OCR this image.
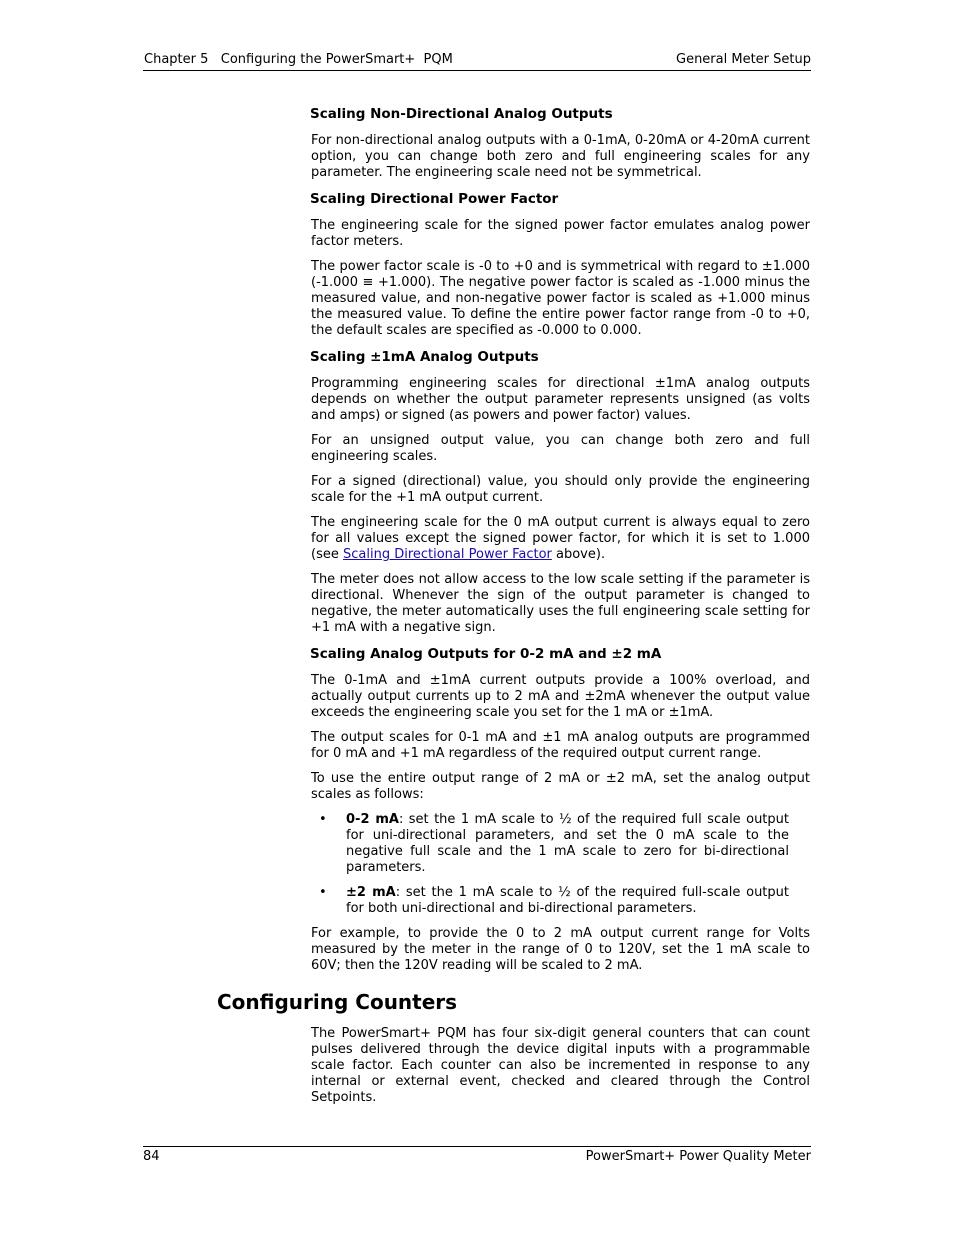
Chapter 5   Configuring the PowerSmart+  PQM	General Meter Setup
Scaling Non-Directional Analog Outputs

For non-directional analog outputs with a 0-1mA, 0-20mA or 4-20mA current option, you can change both zero and full engineering scales for any parameter. The engineering scale need not be symmetrical.

Scaling Directional Power Factor

The engineering scale for the signed power factor emulates analog power factor meters.

The power factor scale is -0 to +0 and is symmetrical with regard to ±1.000 (-1.000 ≡ +1.000). The negative power factor is scaled as -1.000 minus the measured value, and non-negative power factor is scaled as +1.000 minus the measured value. To define the entire power factor range from -0 to +0, the default scales are specified as -0.000 to 0.000.

Scaling ±1mA Analog Outputs

Programming engineering scales for directional ±1mA analog outputs depends on whether the output parameter represents unsigned (as volts and amps) or signed (as powers and power factor) values.

For an unsigned output value, you can change both zero and full engineering scales.

For a signed (directional) value, you should only provide the engineering scale for the +1 mA output current.

The engineering scale for the 0 mA output current is always equal to zero for all values except the signed power factor, for which it is set to 1.000 (see Scaling Directional Power Factor above).

The meter does not allow access to the low scale setting if the parameter is directional. Whenever the sign of the output parameter is changed to negative, the meter automatically uses the full engineering scale setting for +1 mA with a negative sign.

Scaling Analog Outputs for 0-2 mA and ±2 mA

The 0-1mA and ±1mA current outputs provide a 100% overload, and actually output currents up to 2 mA and ±2mA whenever the output value exceeds the engineering scale you set for the 1 mA or ±1mA.

The output scales for 0-1 mA and ±1 mA analog outputs are programmed for 0 mA and +1 mA regardless of the required output current range.

To use the entire output range of 2 mA or ±2 mA, set the analog output scales as follows:

• 0-2 mA: set the 1 mA scale to ½ of the required full scale output for uni-directional parameters, and set the 0 mA scale to the negative full scale and the 1 mA scale to zero for bi-directional parameters.
• ±2 mA: set the 1 mA scale to ½ of the required full-scale output for both uni-directional and bi-directional parameters.

For example, to provide the 0 to 2 mA output current range for Volts measured by the meter in the range of 0 to 120V, set the 1 mA scale to 60V; then the 120V reading will be scaled to 2 mA.

Configuring Counters

The PowerSmart+ PQM has four six-digit general counters that can count pulses delivered through the device digital inputs with a programmable scale factor. Each counter can also be incremented in response to any internal or external event, checked and cleared through the Control Setpoints.

84	PowerSmart+ Power Quality Meter
